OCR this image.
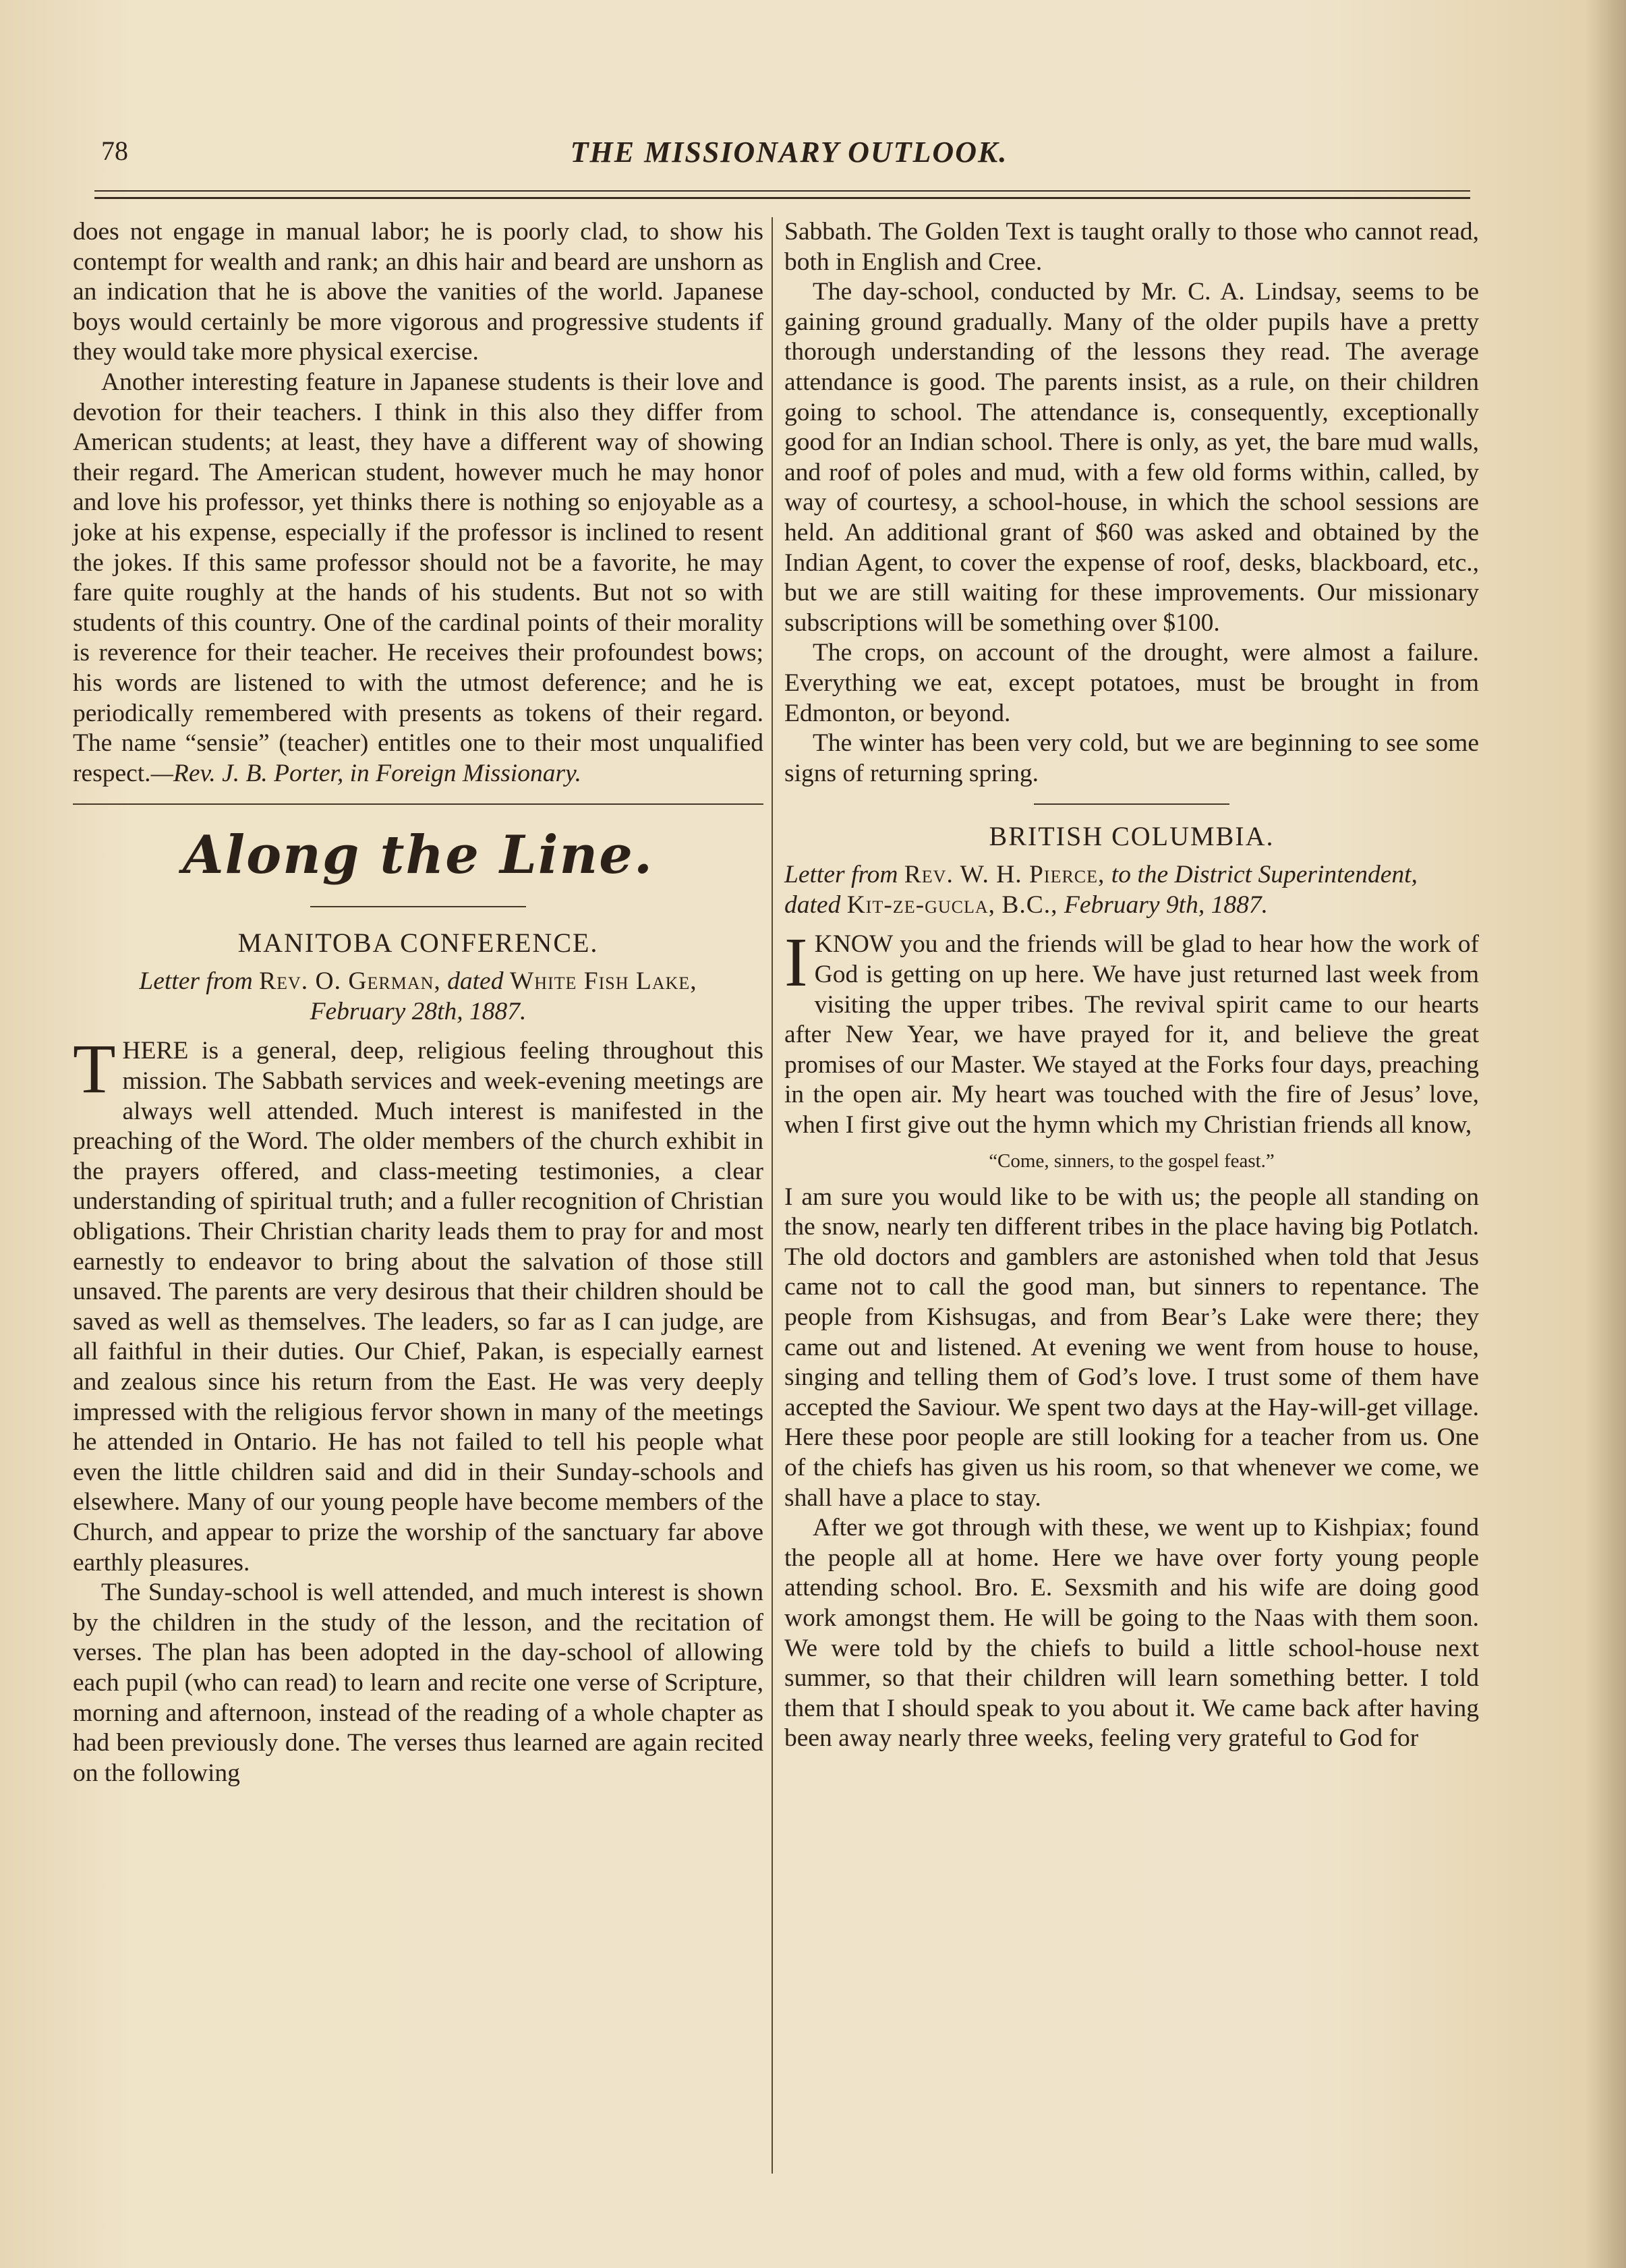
78	THE MISSIONARY OUTLOOK.

does not engage in manual labor; he is poorly clad, to show his contempt for wealth and rank; an dhis hair and beard are unshorn as an indication that he is above the vanities of the world. Japanese boys would certainly be more vigorous and progressive students if they would take more physical exercise.

Another interesting feature in Japanese students is their love and devotion for their teachers. I think in this also they differ from American students; at least, they have a different way of showing their regard. The American student, however much he may honor and love his professor, yet thinks there is nothing so enjoyable as a joke at his expense, especially if the professor is inclined to resent the jokes. If this same professor should not be a favorite, he may fare quite roughly at the hands of his students. But not so with students of this country. One of the cardinal points of their morality is reverence for their teacher. He receives their profoundest bows; his words are listened to with the utmost deference; and he is periodically remembered with presents as tokens of their regard. The name “sensie” (teacher) entitles one to their most unqualified respect.—Rev. J. B. Porter, in Foreign Missionary.

Along the Line.
MANITOBA CONFERENCE.
Letter from Rev. O. German, dated White Fish Lake,
February 28th, 1887.

THERE is a general, deep, religious feeling throughout this mission. The Sabbath services and week-evening meetings are always well attended. Much interest is manifested in the preaching of the Word. The older members of the church exhibit in the prayers offered, and class-meeting testimonies, a clear understanding of spiritual truth; and a fuller recognition of Christian obligations. Their Christian charity leads them to pray for and most earnestly to endeavor to bring about the salvation of those still unsaved. The parents are very desirous that their children should be saved as well as themselves. The leaders, so far as I can judge, are all faithful in their duties. Our Chief, Pakan, is especially earnest and zealous since his return from the East. He was very deeply impressed with the religious fervor shown in many of the meetings he attended in Ontario. He has not failed to tell his people what even the little children said and did in their Sunday-schools and elsewhere. Many of our young people have become members of the Church, and appear to prize the worship of the sanctuary far above earthly pleasures.

The Sunday-school is well attended, and much interest is shown by the children in the study of the lesson, and the recitation of verses. The plan has been adopted in the day-school of allowing each pupil (who can read) to learn and recite one verse of Scripture, morning and afternoon, instead of the reading of a whole chapter as had been previously done. The verses thus learned are again recited on the following

Sabbath. The Golden Text is taught orally to those who cannot read, both in English and Cree.

The day-school, conducted by Mr. C. A. Lindsay, seems to be gaining ground gradually. Many of the older pupils have a pretty thorough understanding of the lessons they read. The average attendance is good. The parents insist, as a rule, on their children going to school. The attendance is, consequently, exceptionally good for an Indian school. There is only, as yet, the bare mud walls, and roof of poles and mud, with a few old forms within, called, by way of courtesy, a school-house, in which the school sessions are held. An additional grant of $60 was asked and obtained by the Indian Agent, to cover the expense of roof, desks, blackboard, etc., but we are still waiting for these improvements. Our missionary subscriptions will be something over $100.

The crops, on account of the drought, were almost a failure. Everything we eat, except potatoes, must be brought in from Edmonton, or beyond.

The winter has been very cold, but we are beginning to see some signs of returning spring.

BRITISH COLUMBIA.
Letter from Rev. W. H. Pierce, to the District Superintendent, dated Kit-ze-gucla, B.C., February 9th, 1887.

IKNOW you and the friends will be glad to hear how the work of God is getting on up here. We have just returned last week from visiting the upper tribes. The revival spirit came to our hearts after New Year, we have prayed for it, and believe the great promises of our Master. We stayed at the Forks four days, preaching in the open air. My heart was touched with the fire of Jesus’ love, when I first give out the hymn which my Christian friends all know,

“Come, sinners, to the gospel feast.”

I am sure you would like to be with us; the people all standing on the snow, nearly ten different tribes in the place having big Potlatch. The old doctors and gamblers are astonished when told that Jesus came not to call the good man, but sinners to repentance. The people from Kishsugas, and from Bear’s Lake were there; they came out and listened. At evening we went from house to house, singing and telling them of God’s love. I trust some of them have accepted the Saviour. We spent two days at the Hay-will-get village. Here these poor people are still looking for a teacher from us. One of the chiefs has given us his room, so that whenever we come, we shall have a place to stay.

After we got through with these, we went up to Kishpiax; found the people all at home. Here we have over forty young people attending school. Bro. E. Sexsmith and his wife are doing good work amongst them. He will be going to the Naas with them soon. We were told by the chiefs to build a little school-house next summer, so that their children will learn something better. I told them that I should speak to you about it. We came back after having been away nearly three weeks, feeling very grateful to God for
